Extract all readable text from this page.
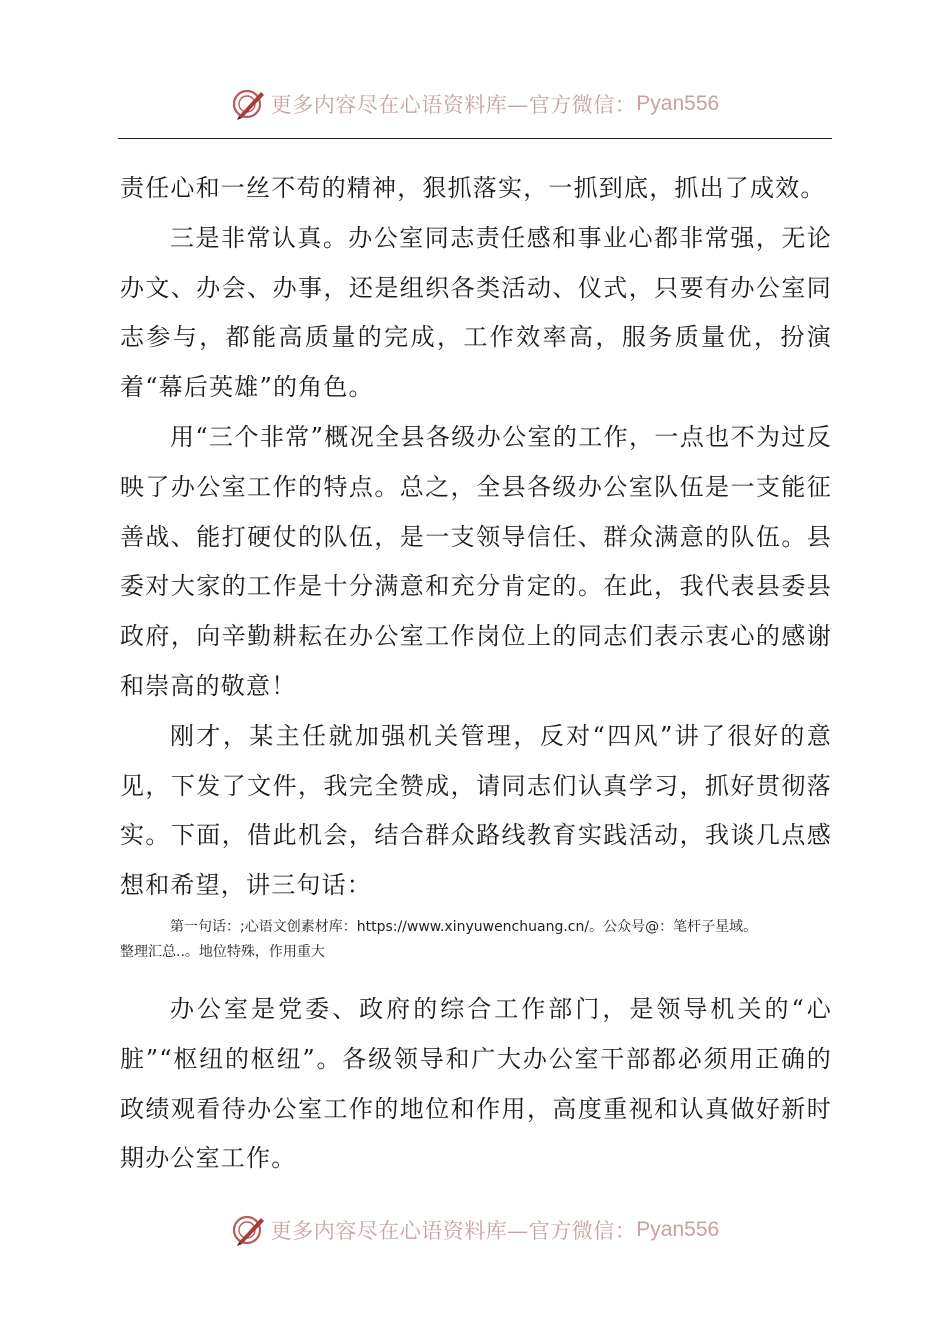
更多内容尽在心语资料库—官方微信： Pyan556

责任心和一丝不苟的精神，狠抓落实，一抓到底，抓出了成效。

三是非常认真。办公室同志责任感和事业心都非常强，无论办文、办会、办事，还是组织各类活动、仪式，只要有办公室同志参与，都能高质量的完成，工作效率高，服务质量优，扮演着“幕后英雄”的角色。

用“三个非常”概况全县各级办公室的工作，一点也不为过反映了办公室工作的特点。总之，全县各级办公室队伍是一支能征善战、能打硬仗的队伍，是一支领导信任、群众满意的队伍。县委对大家的工作是十分满意和充分肯定的。在此，我代表县委县政府，向辛勤耕耘在办公室工作岗位上的同志们表示衷心的感谢和崇高的敬意！

刚才，某主任就加强机关管理，反对“四风”讲了很好的意见，下发了文件，我完全赞成，请同志们认真学习，抓好贯彻落实。下面，借此机会，结合群众路线教育实践活动，我谈几点感想和希望，讲三句话：

第一句话：;心语文创素材库：https://www.xinyuwenchuang.cn/。公众号@：笔杆子星域。
整理汇总..。地位特殊，作用重大

办公室是党委、政府的综合工作部门，是领导机关的“心脏”“枢纽的枢纽”。各级领导和广大办公室干部都必须用正确的政绩观看待办公室工作的地位和作用，高度重视和认真做好新时期办公室工作。

更多内容尽在心语资料库—官方微信： Pyan556
